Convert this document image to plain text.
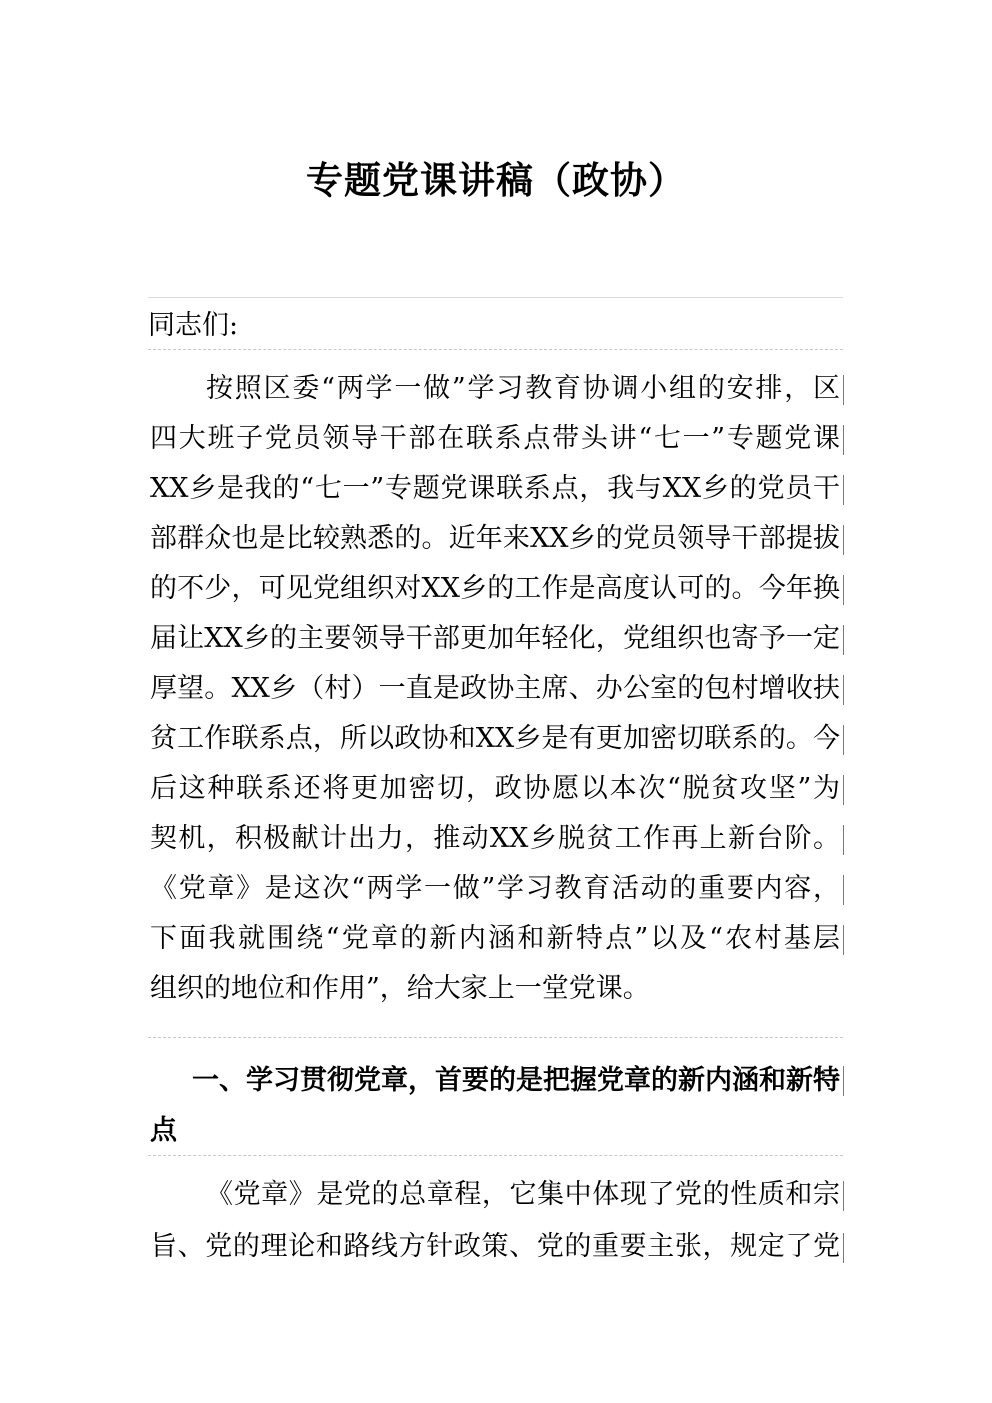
专题党课讲稿（政协）

同志们:

按照区委“两学一做”学习教育协调小组的安排，区

四大班子党员领导干部在联系点带头讲“七一”专题党课

XX乡是我的“七一”专题党课联系点，我与XX乡的党员干

部群众也是比较熟悉的。近年来XX乡的党员领导干部提拔

的不少，可见党组织对XX乡的工作是高度认可的。今年换

届让XX乡的主要领导干部更加年轻化，党组织也寄予一定

厚望。XX乡（村）一直是政协主席、办公室的包村增收扶

贫工作联系点，所以政协和XX乡是有更加密切联系的。今

后这种联系还将更加密切，政协愿以本次“脱贫攻坚”为

契机，积极献计出力，推动XX乡脱贫工作再上新台阶。

《党章》是这次“两学一做”学习教育活动的重要内容，

下面我就围绕“党章的新内涵和新特点”以及“农村基层

组织的地位和作用”，给大家上一堂党课。

一、学习贯彻党章，首要的是把握党章的新内涵和新特

点

《党章》是党的总章程，它集中体现了党的性质和宗

旨、党的理论和路线方针政策、党的重要主张，规定了党
